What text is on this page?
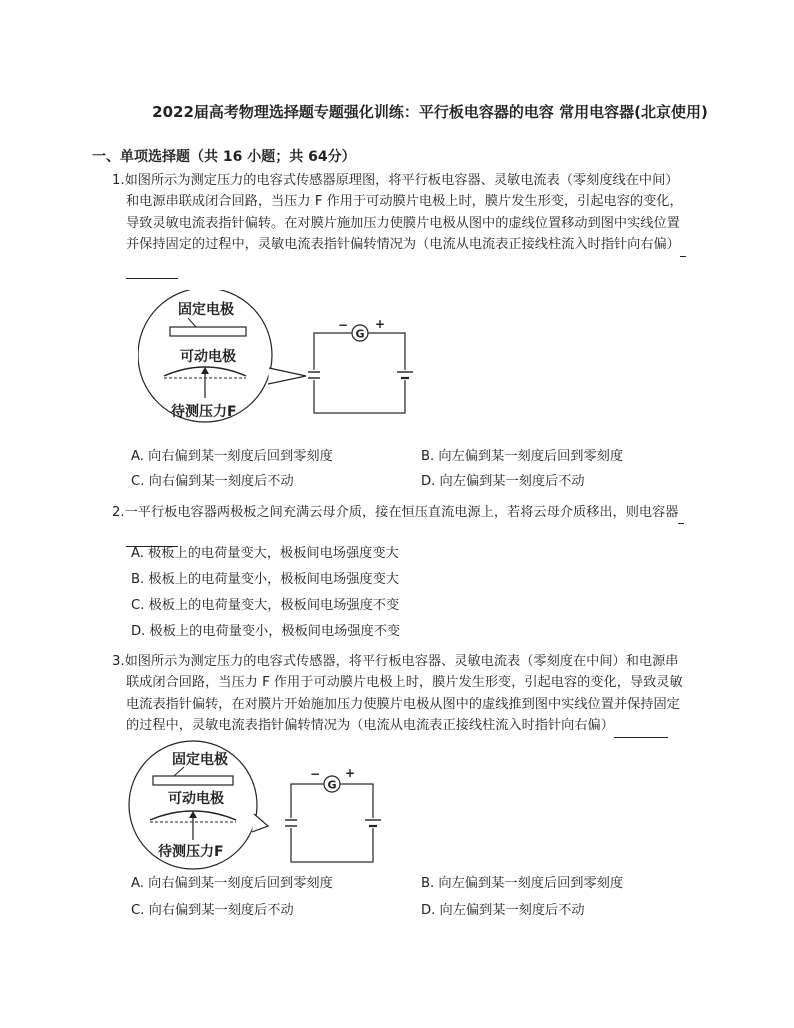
2022届高考物理选择题专题强化训练：平行板电容器的电容 常用电容器(北京使用)
一、单项选择题（共 16 小题；共 64分）

1.如图所示为测定压力的电容式传感器原理图，将平行板电容器、灵敏电流表（零刻度线在中间）

和电源串联成闭合回路，当压力 F 作用于可动膜片电极上时，膜片发生形变，引起电容的变化，

导致灵敏电流表指针偏转。在对膜片施加压力使膜片电极从图中的虚线位置移动到图中实线位置

并保持固定的过程中，灵敏电流表指针偏转情况为（电流从电流表正接线柱流入时指针向右偏）

固定电极
可动电极
待测压力F
G
− +
A. 向右偏到某一刻度后回到零刻度	B. 向左偏到某一刻度后回到零刻度
C. 向右偏到某一刻度后不动	D. 向左偏到某一刻度后不动

2.一平行板电容器两极板之间充满云母介质，接在恒压直流电源上，若将云母介质移出，则电容器

A. 极板上的电荷量变大，极板间电场强度变大
B. 极板上的电荷量变小，极板间电场强度变大
C. 极板上的电荷量变大，极板间电场强度不变
D. 极板上的电荷量变小，极板间电场强度不变

3.如图所示为测定压力的电容式传感器，将平行板电容器、灵敏电流表（零刻度在中间）和电源串

联成闭合回路，当压力 F 作用于可动膜片电极上时，膜片发生形变，引起电容的变化，导致灵敏

电流表指针偏转，在对膜片开始施加压力使膜片电极从图中的虚线推到图中实线位置并保持固定

的过程中，灵敏电流表指针偏转情况为（电流从电流表正接线柱流入时指针向右偏）

固定电极
可动电极
待测压力F
G
− +
A. 向右偏到某一刻度后回到零刻度	B. 向左偏到某一刻度后回到零刻度
C. 向右偏到某一刻度后不动	D. 向左偏到某一刻度后不动
